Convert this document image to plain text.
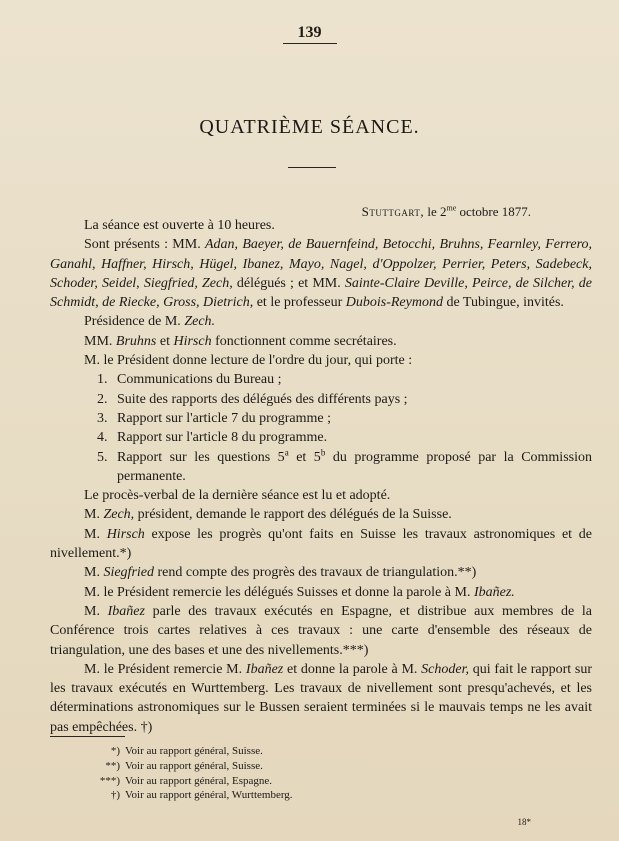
139
QUATRIÈME SÉANCE.
Stuttgart, le $2^{me}$ octobre 1877.

La séance est ouverte à 10 heures.

Sont présents : MM. Adan, Baeyer, de Bauernfeind, Betocchi, Bruhns, Fearnley, Ferrero, Ganahl, Haffner, Hirsch, Hügel, Ibanez, Mayo, Nagel, d'Oppolzer, Perrier, Peters, Sadebeck, Schoder, Seidel, Siegfried, Zech, délégués ; et MM. Sainte-Claire Deville, Peirce, de Silcher, de Schmidt, de Riecke, Gross, Dietrich, et le professeur Dubois-Reymond de Tubingue, invités.

Présidence de M. Zech.

MM. Bruhns et Hirsch fonctionnent comme secrétaires.

M. le Président donne lecture de l'ordre du jour, qui porte :

1. Communications du Bureau ;
2. Suite des rapports des délégués des différents pays ;
3. Rapport sur l'article 7 du programme ;
4. Rapport sur l'article 8 du programme.
5. Rapport sur les questions 5$^a$ et 5$^b$ du programme proposé par la Commission permanente.

Le procès-verbal de la dernière séance est lu et adopté.

M. Zech, président, demande le rapport des délégués de la Suisse.

M. Hirsch expose les progrès qu'ont faits en Suisse les travaux astronomiques et de nivellement.*)

M. Siegfried rend compte des progrès des travaux de triangulation.**)

M. le Président remercie les délégués Suisses et donne la parole à M. Ibañez.

M. Ibañez parle des travaux exécutés en Espagne, et distribue aux membres de la Conférence trois cartes relatives à ces travaux : une carte d'ensemble des réseaux de triangulation, une des bases et une des nivellements.***)

M. le Président remercie M. Ibañez et donne la parole à M. Schoder, qui fait le rapport sur les travaux exécutés en Wurttemberg. Les travaux de nivellement sont presqu'achevés, et les déterminations astronomiques sur le Bussen seraient terminées si le mauvais temps ne les avait pas empêchées. †)

*) Voir au rapport général, Suisse.
**) Voir au rapport général, Suisse.
***) Voir au rapport général, Espagne.
†) Voir au rapport général, Wurttemberg.
18*
